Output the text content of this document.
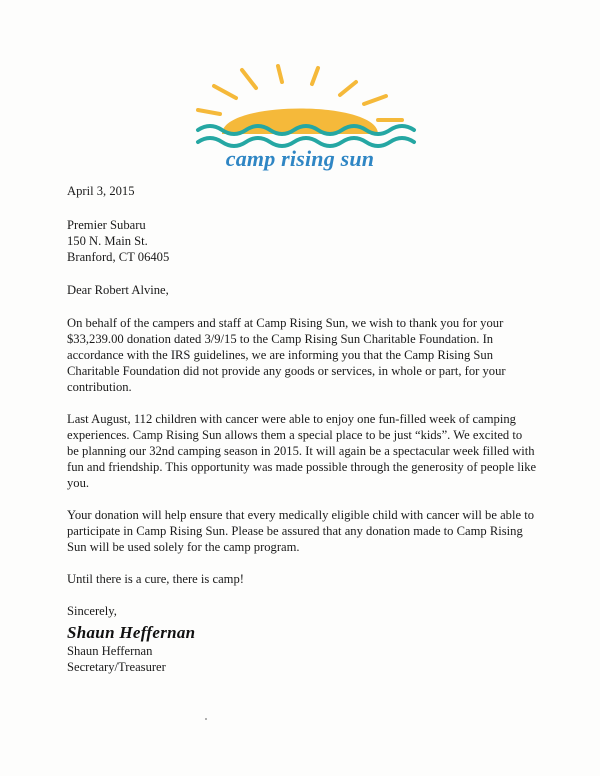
camp rising sun

April 3, 2015

Premier Subaru
150 N. Main St.
Branford, CT 06405

Dear Robert Alvine,

On behalf of the campers and staff at Camp Rising Sun, we wish to thank you for your $33,239.00 donation dated 3/9/15 to the Camp Rising Sun Charitable Foundation. In accordance with the IRS guidelines, we are informing you that the Camp Rising Sun Charitable Foundation did not provide any goods or services, in whole or part, for your contribution.

Last August, 112 children with cancer were able to enjoy one fun-filled week of camping experiences. Camp Rising Sun allows them a special place to be just “kids”. We excited to be planning our 32nd camping season in 2015. It will again be a spectacular week filled with fun and friendship. This opportunity was made possible through the generosity of people like you.

Your donation will help ensure that every medically eligible child with cancer will be able to participate in Camp Rising Sun. Please be assured that any donation made to Camp Rising Sun will be used solely for the camp program.

Until there is a cure, there is camp!

Sincerely,

Shaun Heffernan

Shaun Heffernan
Secretary/Treasurer
